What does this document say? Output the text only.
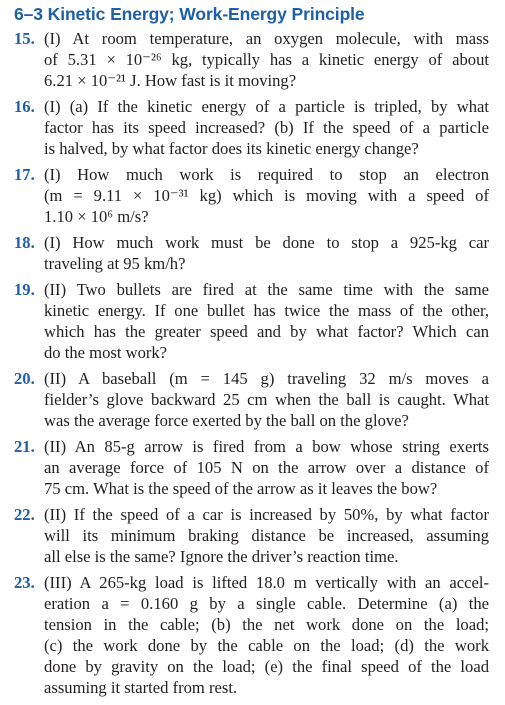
6–3 Kinetic Energy; Work-Energy Principle
15. (I) At room temperature, an oxygen molecule, with mass
of 5.31 × 10⁻²⁶ kg, typically has a kinetic energy of about
6.21 × 10⁻²¹ J. How fast is it moving?
16. (I) (a) If the kinetic energy of a particle is tripled, by what
factor has its speed increased? (b) If the speed of a particle
is halved, by what factor does its kinetic energy change?
17. (I) How much work is required to stop an electron
(m = 9.11 × 10⁻³¹ kg) which is moving with a speed of
1.10 × 10⁶ m/s?
18. (I) How much work must be done to stop a 925-kg car
traveling at 95 km/h?
19. (II) Two bullets are fired at the same time with the same
kinetic energy. If one bullet has twice the mass of the other,
which has the greater speed and by what factor? Which can
do the most work?
20. (II) A baseball (m = 145 g) traveling 32 m/s moves a
fielder’s glove backward 25 cm when the ball is caught. What
was the average force exerted by the ball on the glove?
21. (II) An 85-g arrow is fired from a bow whose string exerts
an average force of 105 N on the arrow over a distance of
75 cm. What is the speed of the arrow as it leaves the bow?
22. (II) If the speed of a car is increased by 50%, by what factor
will its minimum braking distance be increased, assuming
all else is the same? Ignore the driver’s reaction time.
23. (III) A 265-kg load is lifted 18.0 m vertically with an accel-
eration a = 0.160 g by a single cable. Determine (a) the
tension in the cable; (b) the net work done on the load;
(c) the work done by the cable on the load; (d) the work
done by gravity on the load; (e) the final speed of the load
assuming it started from rest.
